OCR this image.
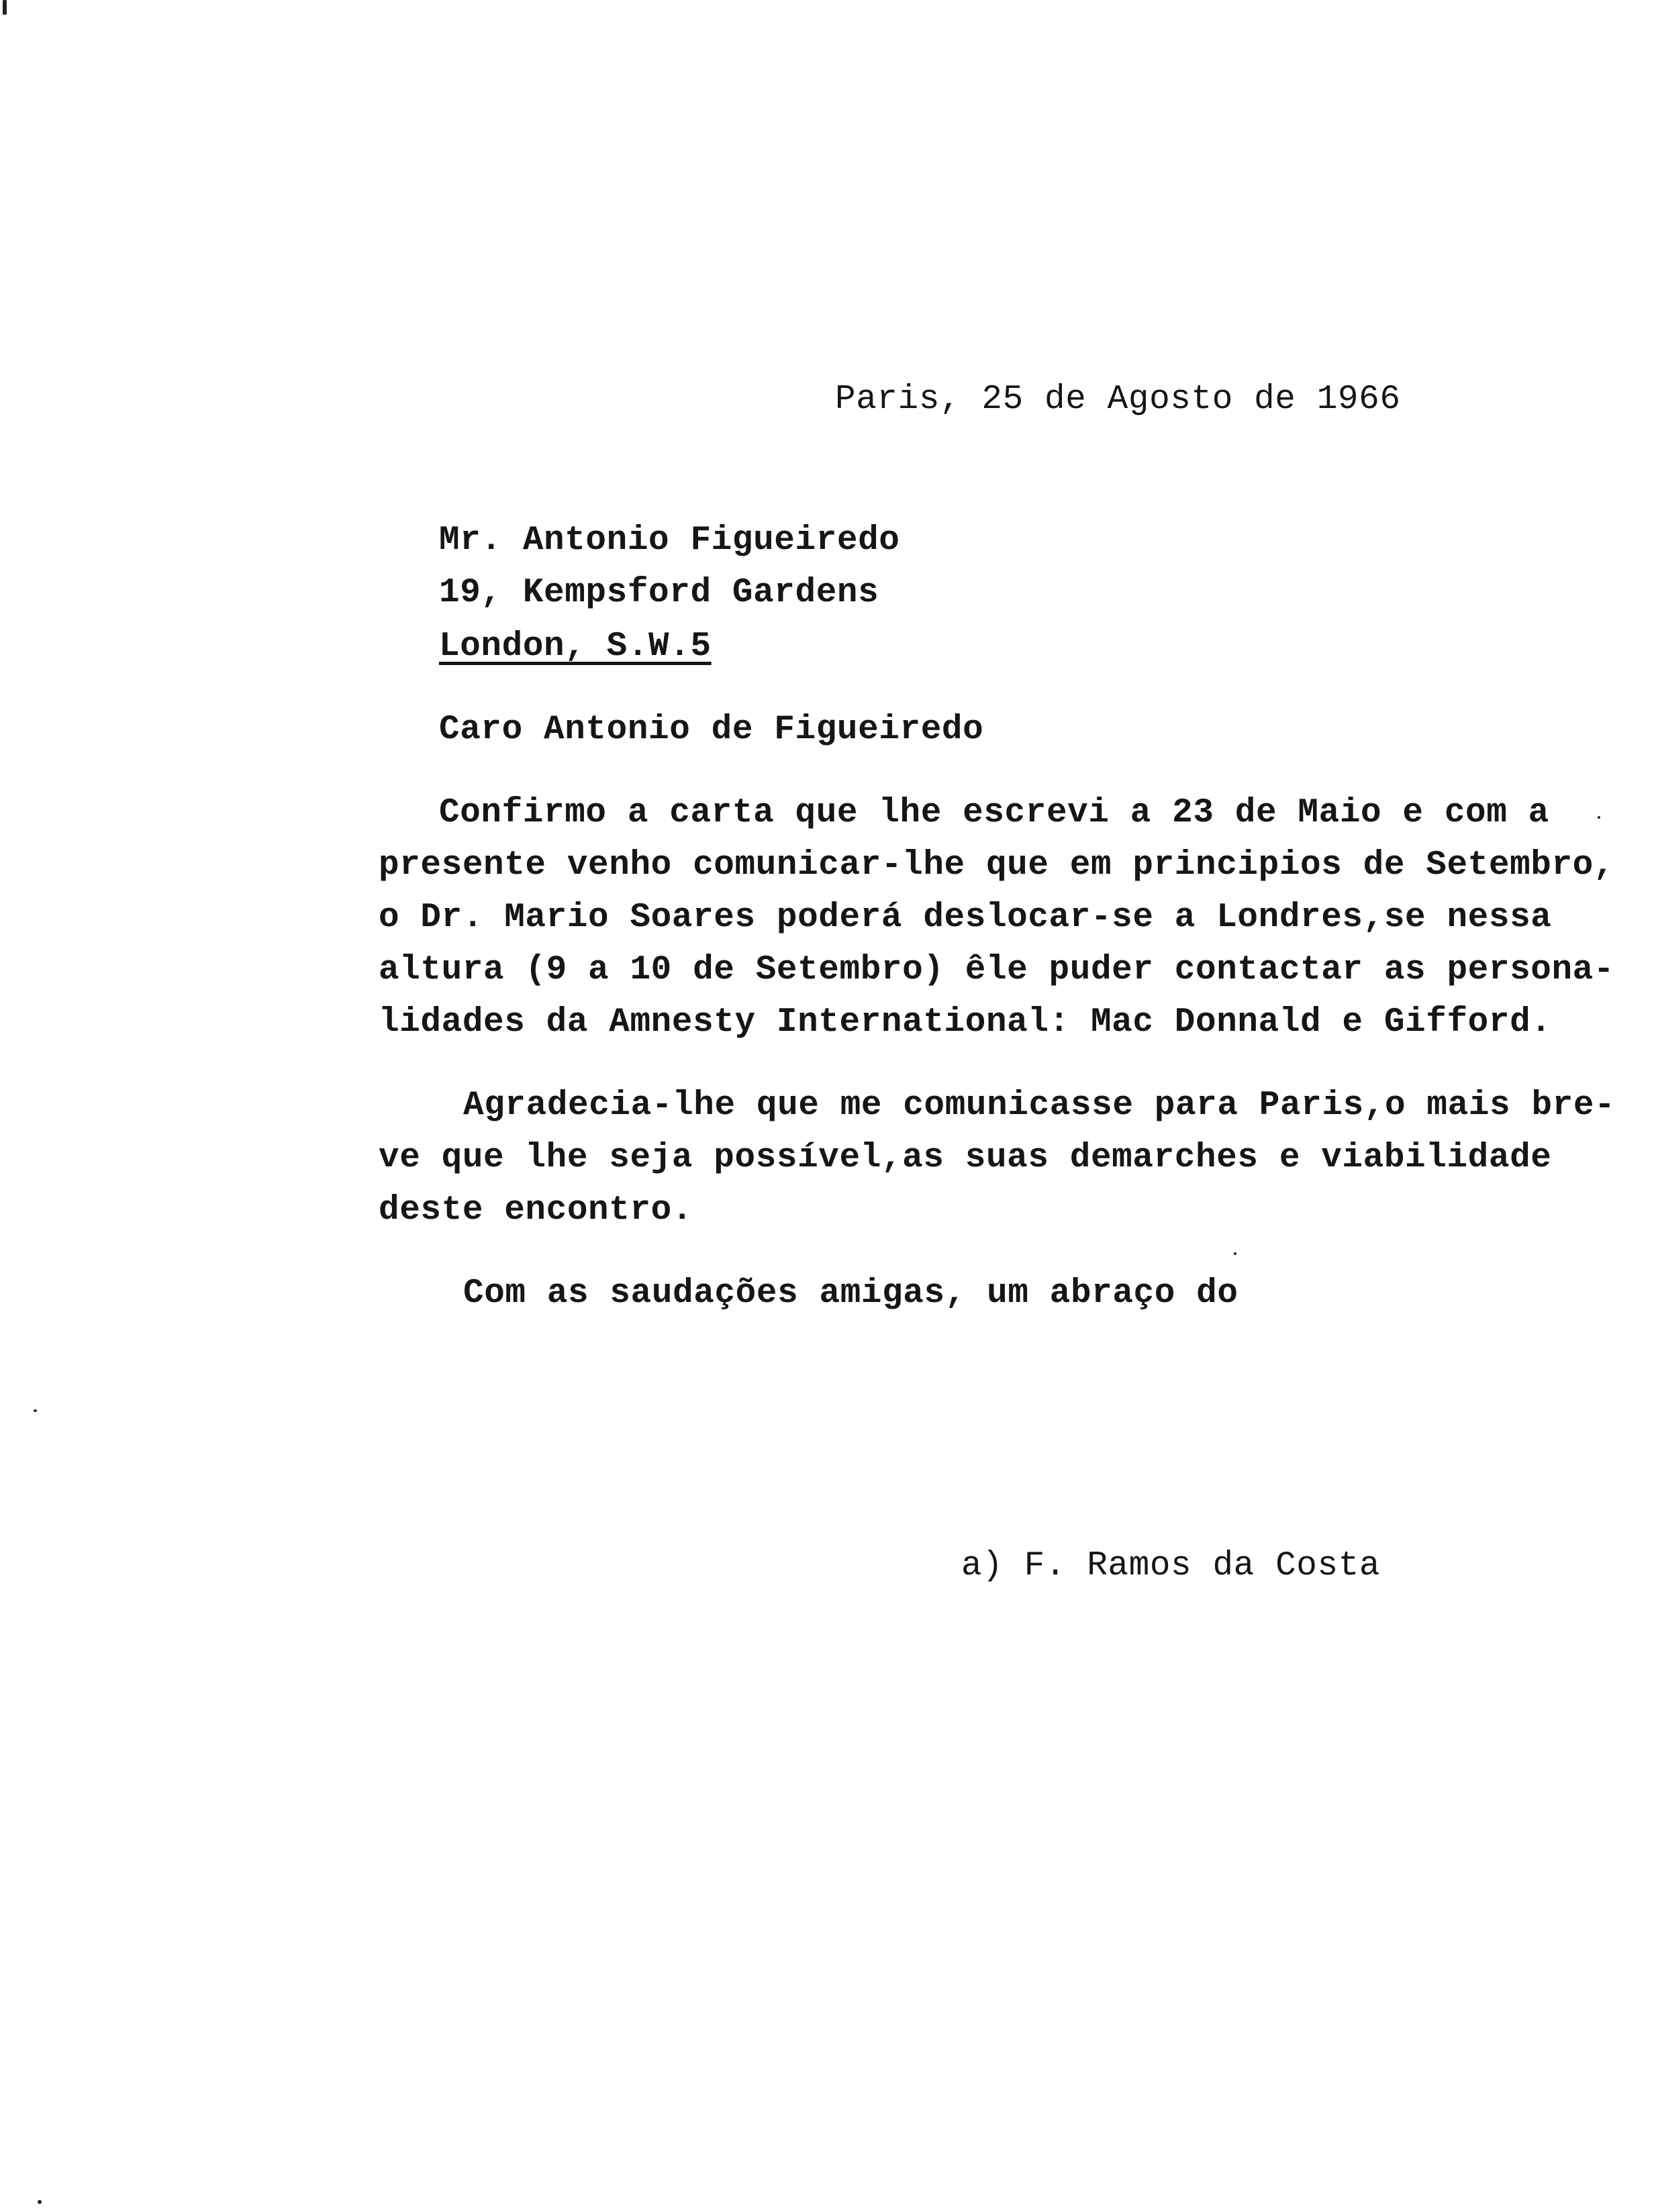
Paris, 25 de Agosto de 1966
Mr. Antonio Figueiredo
19, Kempsford Gardens
London, S.W.5
Caro Antonio de Figueiredo
Confirmo a carta que lhe escrevi a 23 de Maio e com a
presente venho comunicar-lhe que em principios de Setembro,
o Dr. Mario Soares poderá deslocar-se a Londres,se nessa
altura (9 a 10 de Setembro) êle puder contactar as persona-
lidades da Amnesty International: Mac Donnald e Gifford.
Agradecia-lhe que me comunicasse para Paris,o mais bre-
ve que lhe seja possível,as suas demarches e viabilidade
deste encontro.
Com as saudações amigas, um abraço do
a) F. Ramos da Costa
